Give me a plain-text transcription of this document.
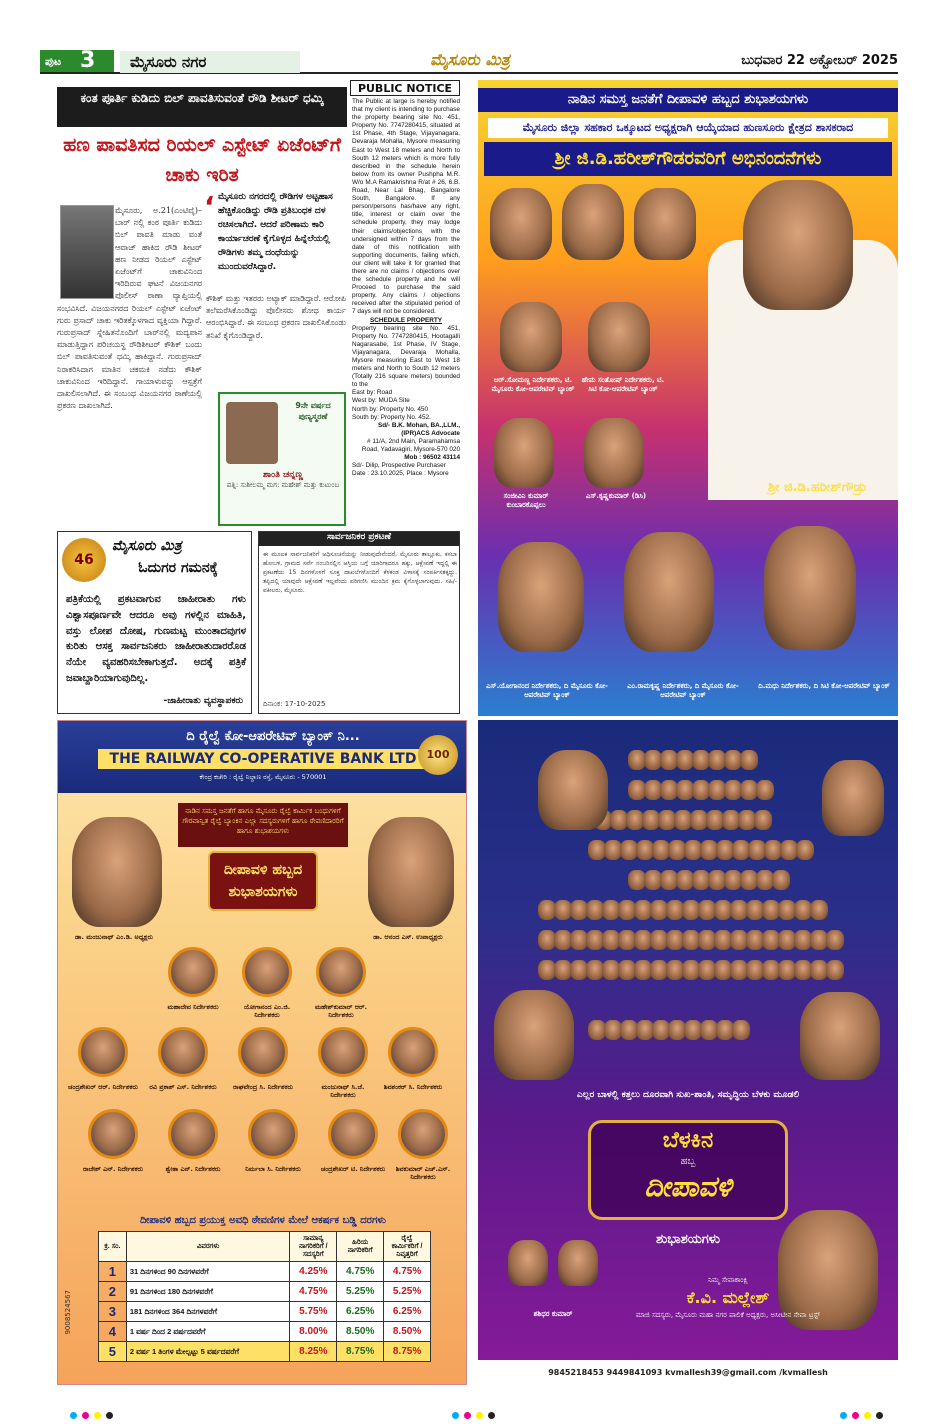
ಪುಟ 3	ಮೈಸೂರು ನಗರ	ಮೈಸೂರು ಮಿತ್ರ	ಬುಧವಾರ 22 ಅಕ್ಟೋಬರ್ 2025
ಕಂತ ಪೂರ್ತಿ ಕುಡಿದು ಬಿಲ್ ಪಾವತಿಸುವಂತೆ ರೌಡಿ ಶೀಟರ್ ಧಮ್ಕಿ
ಹಣ ಪಾವತಿಸದ ರಿಯಲ್ ಎಸ್ಟೇಟ್ ಏಜೆಂಟ್‌ಗೆ ಚಾಕು ಇರಿತ
ಮೈಸೂರು, ಅ.21(ಎಂಟಿವೈ)– ಬಾರ್ ನಲ್ಲಿ ಕಂಠ ಪೂರ್ತಿ ಕುಡಿದು ಬಿಲ್ ಪಾವತಿ ಮಾಡು ವಂತೆ ಆವಾಜ್ ಹಾಕಿದ ರೌಡಿ ಶೀಟರ್ ಹಣ ನೀಡದ ರಿಯಲ್ ಎಸ್ಟೇಟ್ ಏಜೆಂಟ್‌ಗೆ ಚಾಕುವಿನಿಂದ ಇರಿದಿರುವ ಘಟನೆ ವಿಜಯನಗರ ಪೊಲೀಸ್ ಠಾಣಾ ವ್ಯಾಪ್ತಿಯಲ್ಲಿ ಸಂಭವಿಸಿದೆ. ವಿಜಯನಗರದ ರಿಯಲ್ ಎಸ್ಟೇಟ್ ಏಜೆಂಟ್ ಗುರು ಪ್ರಸಾದ್ ಚಾಕು ಇರಿತಕ್ಕೊಳಗಾದ ವ್ಯಕ್ತಿಯಾ ಗಿದ್ದಾರೆ. ಗುರುಪ್ರಸಾದ್ ಸ್ನೇಹಿತನೊಂದಿಗೆ ಬಾರ್‌ನಲ್ಲಿ ಮದ್ಯಪಾನ ಮಾಡುತ್ತಿದ್ದಾಗ ಪರಿಚಯಸ್ಥ ರೌಡಿಶೀಟರ್ ಕೌಶಿಕ್ ಬಂದು ಬಿಲ್ ಪಾವತಿಸುವಂತೆ ಧಮ್ಕಿ ಹಾಕಿದ್ದಾನೆ. ಗುರುಪ್ರಸಾದ್ ನಿರಾಕರಿಸಿದಾಗ ಮಾತಿನ ಚಕಮಕಿ ನಡೆದು ಕೌಶಿಕ್ ಚಾಕುವಿನಿಂದ ಇರಿದಿದ್ದಾನೆ. ಗಾಯಾಳುವನ್ನು ಆಸ್ಪತ್ರೆಗೆ ದಾಖಲಿಸಲಾಗಿದೆ. ಈ ಸಂಬಂಧ ವಿಜಯನಗರ ಠಾಣೆಯಲ್ಲಿ ಪ್ರಕರಣ ದಾಖಲಾಗಿದೆ.
‘ ಮೈಸೂರು ನಗರದಲ್ಲಿ ರೌಡಿಗಳ ಅಟ್ಟಹಾಸ ಹೆಚ್ಚಿಕೊಂಡಿದ್ದು ರೌಡಿ ಪ್ರತಿಬಂಧಕ ದಳ ರಚಿಸಲಾಗಿದೆ. ಆದರೆ ಪರಿಣಾಮ ಕಾರಿ ಕಾರ್ಯಾಚರಣೆ ಕೈಗೊಳ್ಳದ ಹಿನ್ನೆಲೆಯಲ್ಲಿ ರೌಡಿಗಳು ತಮ್ಮ ದಂಧೆಯನ್ನು ಮುಂದುವರೆಸಿದ್ದಾರೆ.
ಕೌಶಿಕ್ ಮತ್ತು ಇತರರು ಅಟ್ಯಾಕ್ ಮಾಡಿದ್ದಾರೆ. ಆರೋಪಿ ತಲೆಮರೆಸಿಕೊಂಡಿದ್ದು ಪೊಲೀಸರು ಶೋಧ ಕಾರ್ಯ ಆರಂಭಿಸಿದ್ದಾರೆ. ಈ ಸಂಬಂಧ ಪ್ರಕರಣ ದಾಖಲಿಸಿಕೊಂಡು ತನಿಖೆ ಕೈಗೊಂಡಿದ್ದಾರೆ.
9ನೇ ವರ್ಷದ ಪುಣ್ಯಸ್ಮರಣೆ
ಶಾಂತಿ ಚನ್ನಣ್ಣ
ಪತ್ನಿ: ಸುಶೀಲಮ್ಮ ಮಗ: ಮಹೇಶ್ ಮತ್ತು ಕುಟುಂಬ
PUBLIC NOTICE
The Public at large is hereby notified that my client is intending to purchase the property bearing site No. 451, Property No. 7747280415, situated at 1st Phase, 4th Stage, Vijayanagara, Devaraja Mohalla, Mysore measuring East to West 18 meters and North to South 12 meters which is more fully described in the schedule herein below from its owner Pushpha M.R. W/o M.A Ramakrishna R/at # 26, 6.B. Road, Near Lal Bhag, Bangalore South, Bangalore. If any person/persons has/have any right, title, interest or claim over the schedule property, they may lodge their claims/objections with the undersigned within 7 days from the date of this notification with supporting documents, failing which, our client will take it for granted that there are no claims / objections over the schedule property and he will Proceed to purchase the said property. Any claims / objections received after the stipulated period of 7 days will not be considered.
SCHEDULE PROPERTY
Property bearing site No. 451, Property No. 7747280415, Hootagalli Nagarasabe, 1st Phase, IV Stage, Vijayanagara, Devaraja Mohalla, Mysore measuring East to West 18 meters and North to South 12 meters (Totally 216 square meters) bounded to the
East by: Road
West by: MUDA Site
North by: Property No. 450
South by: Property No. 452.
Sd/- B.K. Mohan, BA.,LLM., (IPR)ACS Advocate
# 11/A, 2nd Main, Paramahamsa Road, Yadavagiri, Mysore-570 020
Mob : 96502 43114
Sd/- Dilip, Prospective Purchaser
Date : 23.10.2025, Place : Mysore
46
ಮೈಸೂರು ಮಿತ್ರ
ಓದುಗರ ಗಮನಕ್ಕೆ
ಪತ್ರಿಕೆಯಲ್ಲಿ ಪ್ರಕಟವಾಗುವ ಜಾಹೀರಾತು ಗಳು ವಿಶ್ವಾಸಪೂರ್ಣವೇ ಆದರೂ ಅವು ಗಳಲ್ಲಿನ ಮಾಹಿತಿ, ವಸ್ತು ಲೋಪ ದೋಷ, ಗುಣಮಟ್ಟ ಮುಂತಾದವುಗಳ ಕುರಿತು ಆಸಕ್ತ ಸಾರ್ವಜನಿಕರು ಜಾಹೀರಾತುದಾರರೊಡ ನೆಯೇ ವ್ಯವಹರಿಸಬೇಕಾಗುತ್ತದೆ. ಅದಕ್ಕೆ ಪತ್ರಿಕೆ ಜವಾಬ್ದಾರಿಯಾಗುವುದಿಲ್ಲ.
-ಜಾಹೀರಾತು ವ್ಯವಸ್ಥಾಪಕರು
ಸಾರ್ವಜನಿಕರ ಪ್ರಕಟಣೆ
ಈ ಮೂಲಕ ಸಾರ್ವಜನಿಕರಿಗೆ ಅಧಿಸೂಚನೆಯನ್ನು ನೀಡುವುದೇನೆಂದರೆ, ಮೈಸೂರು ತಾಲ್ಲೂಕು, ಕಸಬಾ ಹೋಬಳಿ, ಗ್ರಾಮದ ಸರ್ವೆ ನಂಬರಿನಲ್ಲಿನ ಆಸ್ತಿಯ ಬಗ್ಗೆ ಯಾರಿಗಾದರೂ ಹಕ್ಕು, ಆಕ್ಷೇಪಣೆ ಇದ್ದಲ್ಲಿ ಈ ಪ್ರಕಟಣೆಯ 15 ದಿನಗಳೊಳಗೆ ಸೂಕ್ತ ದಾಖಲೆಗಳೊಂದಿಗೆ ಕೆಳಕಂಡ ವಿಳಾಸಕ್ಕೆ ಸಂಪರ್ಕಿಸತಕ್ಕದ್ದು. ತಪ್ಪಿದಲ್ಲಿ ಯಾವುದೇ ಆಕ್ಷೇಪಣೆ ಇಲ್ಲವೆಂದು ಪರಿಗಣಿಸಿ ಮುಂದಿನ ಕ್ರಮ ಕೈಗೊಳ್ಳಲಾಗುವುದು. ಸಹಿ/-ವಕೀಲರು, ಮೈಸೂರು.
ದಿನಾಂಕ: 17-10-2025
ನಾಡಿನ ಸಮಸ್ತ ಜನತೆಗೆ ದೀಪಾವಳಿ ಹಬ್ಬದ ಶುಭಾಶಯಗಳು
ಮೈಸೂರು ಜಿಲ್ಲಾ ಸಹಕಾರ ಒಕ್ಕೂಟದ ಅಧ್ಯಕ್ಷರಾಗಿ ಆಯ್ಕೆಯಾದ ಹುಣಸೂರು ಕ್ಷೇತ್ರದ ಶಾಸಕರಾದ
ಶ್ರೀ ಜಿ.ಡಿ.ಹರೀಶ್‌ಗೌಡರವರಿಗೆ ಅಭಿನಂದನೆಗಳು
ಶ್ರೀ ಜಿ.ಡಿ.ಹರೀಶ್‌ಗೌಡ್ರು
ಆರ್.ಸೋಮಣ್ಣ ನಿರ್ದೇಶಕರು, ಟಿ. ಮೈಸೂರು ಕೋ-ಆಪರೇಟಿವ್ ಬ್ಯಾಂಕ್
ಹೇಮ ಸಂತೋಷ್ ನಿರ್ದೇಶಕರು, ಟಿ. ಸಿಟಿ ಕೋ-ಆಪರೇಟಿವ್ ಬ್ಯಾಂಕ್
ಸಂಜೀವಿನಿ ಕುಮಾರ್ ಕುಂಬಾರಕೊಪ್ಪಲು
ಎಸ್.ಕೃಷ್ಣಕುಮಾರ್ (ಡಿಸಿ)
ಎಸ್.ಯೋಗಾನಂದ ನಿರ್ದೇಶಕರು, ದಿ ಮೈಸೂರು ಕೋ-ಆಪರೇಟಿವ್ ಬ್ಯಾಂಕ್
ಎಂ.ರಾಮಕೃಷ್ಣ ನಿರ್ದೇಶಕರು, ದಿ ಮೈಸೂರು ಕೋ-ಆಪರೇಟಿವ್ ಬ್ಯಾಂಕ್
ದಿ.ಮಧು ನಿರ್ದೇಶಕರು, ದಿ ಸಿಟಿ ಕೋ-ಆಪರೇಟಿವ್ ಬ್ಯಾಂಕ್
ದಿ ರೈಲ್ವೆ ಕೋ-ಆಪರೇಟಿವ್ ಬ್ಯಾಂಕ್ ನಿ...
THE RAILWAY CO-OPERATIVE BANK LTD
ಕೇಂದ್ರ ಕಚೇರಿ : ರೈಲ್ವೆ ನಿಲ್ದಾಣ ರಸ್ತೆ, ಮೈಸೂರು - 570001
100
ನಾಡಿನ ಸಮಸ್ತ ಜನತೆಗೆ ಹಾಗೂ ಮೈಸೂರು ರೈಲ್ವೆ ಕಾರ್ಮಿಕ ಬಂಧುಗಳಿಗೆ ಗೌರವಾನ್ವಿತ ರೈಲ್ವೆ ಬ್ಯಾಂಕಿನ ಎಲ್ಲಾ ಸದಸ್ಯರುಗಳಿಗೆ ಹಾಗೂ ಠೇವಣಿದಾರರಿಗೆ ಹಾಗೂ ಶುಭಾಶಯಗಳು
ದೀಪಾವಳಿ ಹಬ್ಬದ ಶುಭಾಶಯಗಳು
ಡಾ. ಮಂಜುನಾಥ್ ಎಂ.ಡಿ. ಅಧ್ಯಕ್ಷರು	ಡಾ. ಆನಂದ ಎಸ್. ಉಪಾಧ್ಯಕ್ಷರು
ಮಹಾದೇವ ನಿರ್ದೇಶಕರು	ಯೋಗಾನಂದ ಎಂ.ಜಿ. ನಿರ್ದೇಶಕರು
ಮಹೇಶ್‌ಕುಮಾರ್ ಆರ್. ನಿರ್ದೇಶಕರು
ಚಂದ್ರಶೇಖರ್ ಆರ್. ನಿರ್ದೇಶಕರು ರವಿ ಪ್ರಕಾಶ್ ಎಸ್. ನಿರ್ದೇಶಕರು	ರಾಘವೇಂದ್ರ ಸಿ. ನಿರ್ದೇಶಕರು	ಮಂಜುನಾಥ್ ಸಿ.ಜೆ. ನಿರ್ದೇಶಕರು
ಶಿವಶಂಕರ್ ಸಿ. ನಿರ್ದೇಶಕರು
ರಾಜೇಶ್ ಎನ್. ನಿರ್ದೇಶಕರು	ಶ್ವೇತಾ ಎನ್. ನಿರ್ದೇಶಕರು	ನಿರ್ಮಲಾ ಸಿ. ನಿರ್ದೇಶಕರು	ಚಂದ್ರಶೇಖರ್ ಟಿ. ನಿರ್ದೇಶಕರು	ಶಿವಕುಮಾರ್ ಎಚ್.ಎಸ್. ನಿರ್ದೇಶಕರು
ದೀಪಾವಳಿ ಹಬ್ಬದ ಪ್ರಯುಕ್ತ ಅವಧಿ ಠೇವಣಿಗಳ ಮೇಲೆ ಆಕರ್ಷಕ ಬಡ್ಡಿ ದರಗಳು
ಕ್ರ. ಸಂ.	ವಿವರಗಳು	ಸಾಮಾನ್ಯ ನಾಗರಿಕರಿಗೆ / ಸದಸ್ಯರಿಗೆ	ಹಿರಿಯ ನಾಗರಿಕರಿಗೆ	ರೈಲ್ವೆ ಕಾರ್ಮಿಕರಿಗೆ / ನಿವೃತ್ತರಿಗೆ
1	31 ದಿನಗಳಿಂದ 90 ದಿನಗಳವರೆಗೆ	4.25%	4.75%	4.75%
2	91 ದಿನಗಳಿಂದ 180 ದಿನಗಳವರೆಗೆ	4.75%	5.25%	5.25%
3	181 ದಿನಗಳಿಂದ 364 ದಿನಗಳವರೆಗೆ	5.75%	6.25%	6.25%
4	1 ವರ್ಷ ದಿಂದ 2 ವರ್ಷದವರೆಗೆ	8.00%	8.50%	8.50%
5	2 ವರ್ಷ 1 ತಿಂಗಳ ಮೇಲ್ಪಟ್ಟು 5 ವರ್ಷದವರೆಗೆ	8.25%	8.75%	8.75%
9008524567
ಎಲ್ಲರ ಬಾಳಲ್ಲಿ ಕತ್ತಲು ದೂರವಾಗಿ ಸುಖ-ಶಾಂತಿ, ಸಮೃದ್ಧಿಯ ಬೆಳಕು ಮೂಡಲಿ
ಬೆಳಕಿನ
ಹಬ್ಬ
ದೀಪಾವಳಿ
ಶುಭಾಶಯಗಳು
ಶಶಿಧರ ಕುಮಾರ್
ನಿಮ್ಮ ಸೇವಾಕಾಂಕ್ಷಿ
ಕೆ.ವಿ. ಮಲ್ಲೇಶ್
ಮಾಜಿ ಸದಸ್ಯರು, ಮೈಸೂರು ಮಹಾ ನಗರ ಪಾಲಿಕೆ ಅಧ್ಯಕ್ಷರು, ಅಸೀಟೀನ ಸೇವಾ ಟ್ರಸ್ಟ್
9845218453 9449841093 kvmallesh39@gmail.com /kvmallesh
